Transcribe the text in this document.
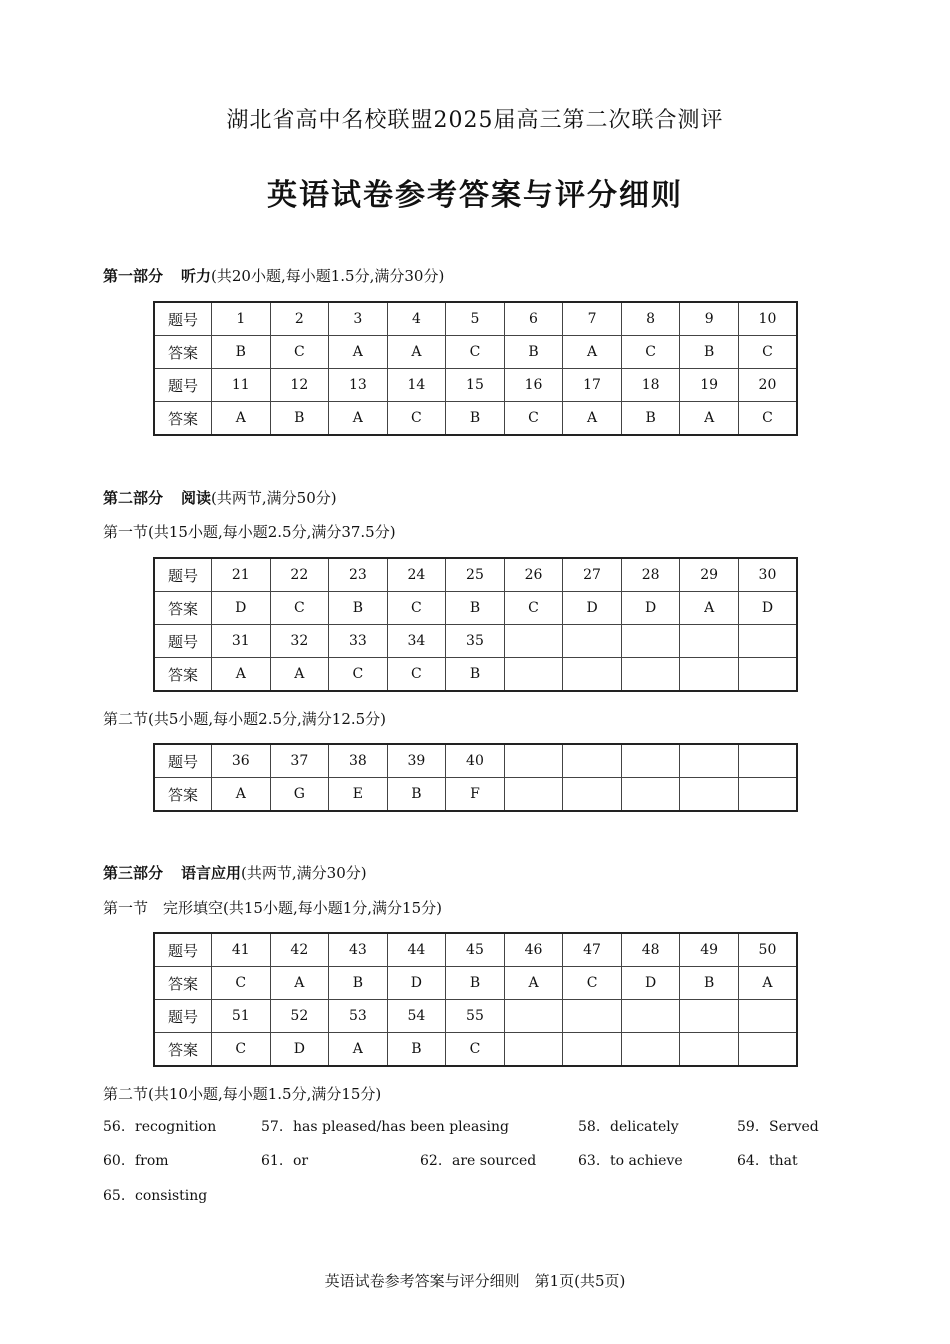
湖北省高中名校联盟2025届高三第二次联合测评
英语试卷参考答案与评分细则
第一部分 听力(共20小题,每小题1.5分,满分30分)
题号	1	2	3	4	5	6	7	8	9	10
答案	B	C	A	A	C	B	A	C	B	C
题号	11	12	13	14	15	16	17	18	19	20
答案	A	B	A	C	B	C	A	B	A	C
第二部分 阅读(共两节,满分50分)
第一节(共15小题,每小题2.5分,满分37.5分)
题号	21	22	23	24	25	26	27	28	29	30
答案	D	C	B	C	B	C	D	D	A	D
题号	31	32	33	34	35					
答案	A	A	C	C	B					
第二节(共5小题,每小题2.5分,满分12.5分)
题号	36	37	38	39	40					
答案	A	G	E	B	F					
第三部分 语言应用(共两节,满分30分)
第一节　完形填空(共15小题,每小题1分,满分15分)
题号	41	42	43	44	45	46	47	48	49	50
答案	C	A	B	D	B	A	C	D	B	A
题号	51	52	53	54	55					
答案	C	D	A	B	C					
第二节(共10小题,每小题1.5分,满分15分)
56. recognition	57. has pleased/has been pleasing	58. delicately	59. Served
60. from	61. or	62. are sourced	63. to achieve	64. that
65. consisting
英语试卷参考答案与评分细则　第1页(共5页)
